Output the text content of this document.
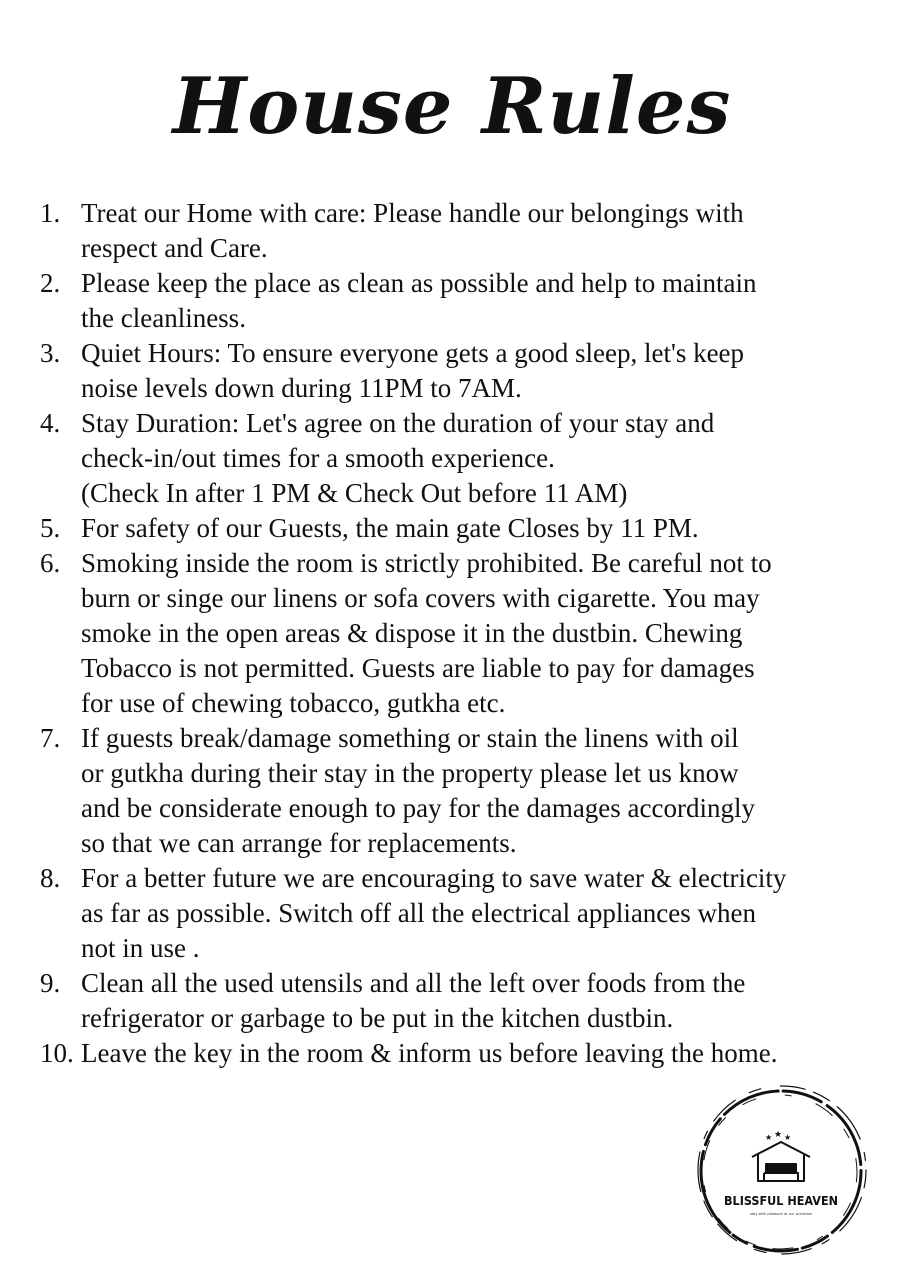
House Rules
1. Treat our Home with care: Please handle our belongings with
respect and Care.
2. Please keep the place as clean as possible and help to maintain
the cleanliness.
3. Quiet Hours: To ensure everyone gets a good sleep, let's keep
noise levels down during 11PM to 7AM.
4. Stay Duration: Let's agree on the duration of your stay and
check-in/out times for a smooth experience.
(Check In after 1 PM & Check Out before 11 AM)
5. For safety of our Guests, the main gate Closes by 11 PM.
6. Smoking inside the room is strictly prohibited. Be careful not to
burn or singe our linens or sofa covers with cigarette. You may
smoke in the open areas & dispose it in the dustbin. Chewing
Tobacco is not permitted. Guests are liable to pay for damages
for use of chewing tobacco, gutkha etc.
7. If guests break/damage something or stain the linens with oil
or gutkha during their stay in the property please let us know
and be considerate enough to pay for the damages accordingly
so that we can arrange for replacements.
8. For a better future we are encouraging to save water & electricity
as far as possible. Switch off all the electrical appliances when
not in use .
9. Clean all the used utensils and all the left over foods from the
refrigerator or garbage to be put in the kitchen dustbin.
10. Leave the key in the room & inform us before leaving the home.
★ ★ ★
BLISSFUL HEAVEN
stay with pleasure at our premises
